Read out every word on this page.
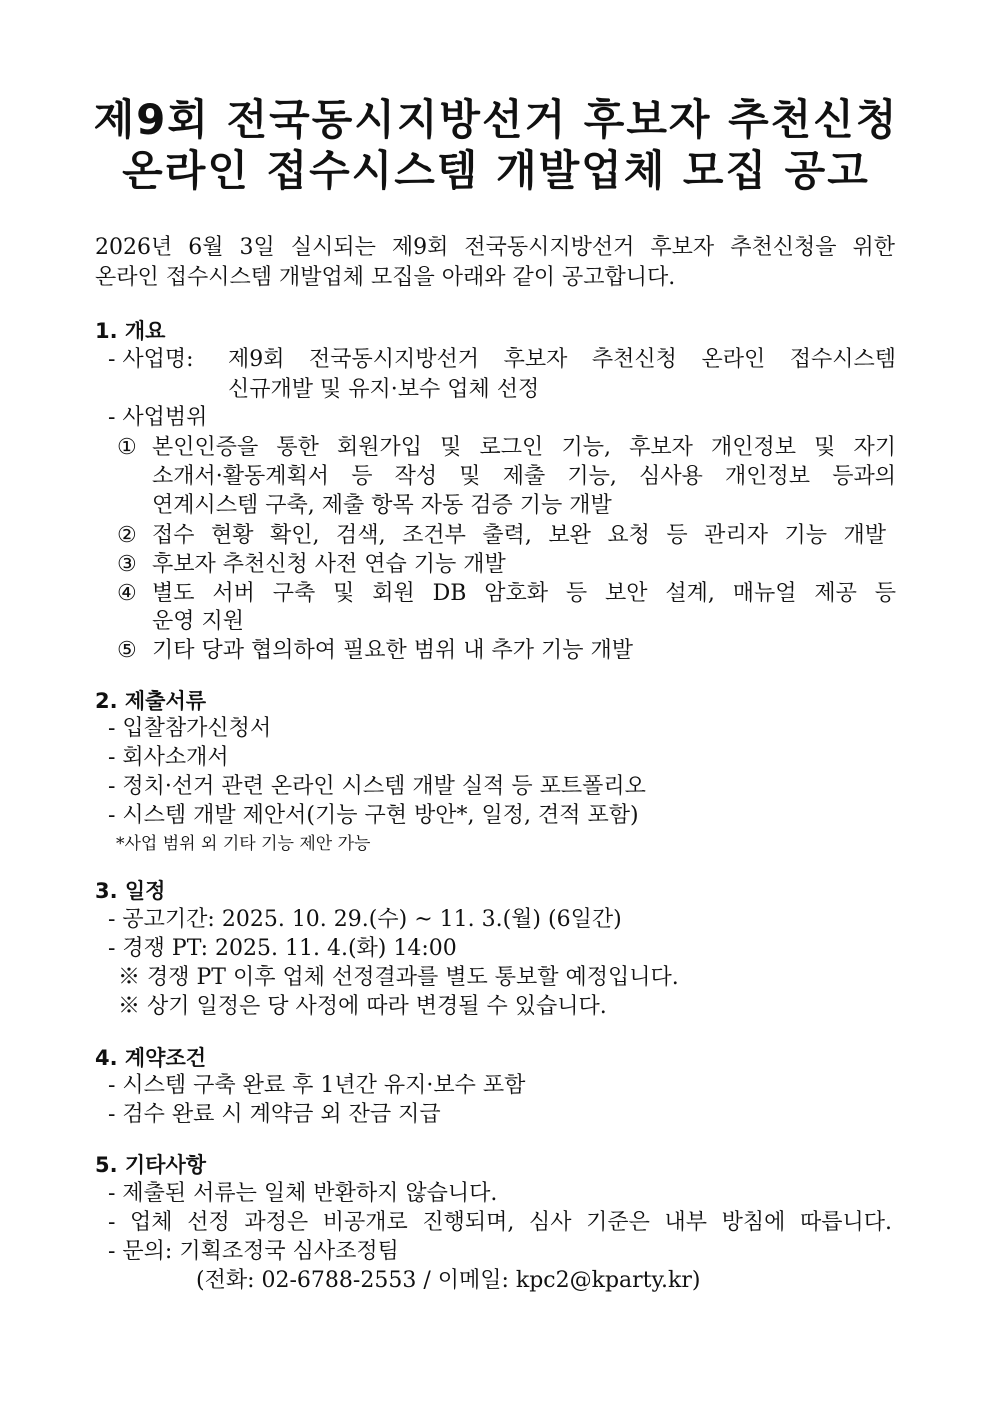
제9회 전국동시지방선거 후보자 추천신청
온라인 접수시스템 개발업체 모집 공고
2026년 6월 3일 실시되는 제9회 전국동시지방선거 후보자 추천신청을 위한
온라인 접수시스템 개발업체 모집을 아래와 같이 공고합니다.
1. 개요
- 사업명: 제9회 전국동시지방선거 후보자 추천신청 온라인 접수시스템
신규개발 및 유지·보수 업체 선정
- 사업범위
① 본인인증을 통한 회원가입 및 로그인 기능, 후보자 개인정보 및 자기
소개서·활동계획서 등 작성 및 제출 기능, 심사용 개인정보 등과의
연계시스템 구축, 제출 항목 자동 검증 기능 개발
② 접수 현황 확인, 검색, 조건부 출력, 보완 요청 등 관리자 기능 개발
③ 후보자 추천신청 사전 연습 기능 개발
④ 별도 서버 구축 및 회원 DB 암호화 등 보안 설계, 매뉴얼 제공 등
운영 지원
⑤ 기타 당과 협의하여 필요한 범위 내 추가 기능 개발
2. 제출서류
- 입찰참가신청서
- 회사소개서
- 정치·선거 관련 온라인 시스템 개발 실적 등 포트폴리오
- 시스템 개발 제안서(기능 구현 방안*, 일정, 견적 포함)
*사업 범위 외 기타 기능 제안 가능
3. 일정
- 공고기간: 2025. 10. 29.(수) ~ 11. 3.(월) (6일간)
- 경쟁 PT: 2025. 11. 4.(화) 14:00
※ 경쟁 PT 이후 업체 선정결과를 별도 통보할 예정입니다.
※ 상기 일정은 당 사정에 따라 변경될 수 있습니다.
4. 계약조건
- 시스템 구축 완료 후 1년간 유지·보수 포함
- 검수 완료 시 계약금 외 잔금 지급
5. 기타사항
- 제출된 서류는 일체 반환하지 않습니다.
- 업체 선정 과정은 비공개로 진행되며, 심사 기준은 내부 방침에 따릅니다.
- 문의: 기획조정국 심사조정팀
(전화: 02-6788-2553 / 이메일: kpc2@kparty.kr)
